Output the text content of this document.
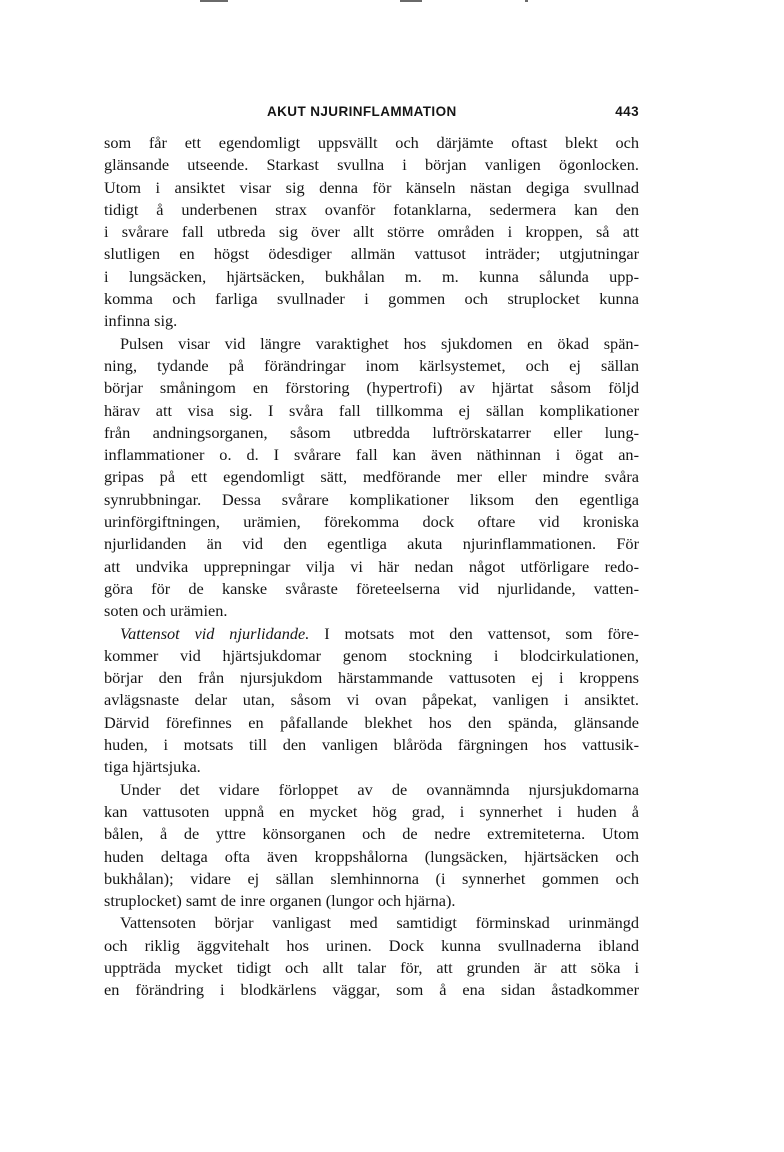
AKUT NJURINFLAMMATION	443

som får ett egendomligt uppsvällt och därjämte oftast blekt och

glänsande utseende. Starkast svullna i början vanligen ögonlocken.

Utom i ansiktet visar sig denna för känseln nästan degiga svullnad

tidigt å underbenen strax ovanför fotanklarna, sedermera kan den

i svårare fall utbreda sig över allt större områden i kroppen, så att

slutligen en högst ödesdiger allmän vattusot inträder; utgjutningar

i lungsäcken, hjärtsäcken, bukhålan m. m. kunna sålunda upp-

komma och farliga svullnader i gommen och struplocket kunna

infinna sig.

Pulsen visar vid längre varaktighet hos sjukdomen en ökad spän-

ning, tydande på förändringar inom kärlsystemet, och ej sällan

börjar småningom en förstoring (hypertrofi) av hjärtat såsom följd

härav att visa sig. I svåra fall tillkomma ej sällan komplikationer

från andningsorganen, såsom utbredda luftrörskatarrer eller lung-

inflammationer o. d. I svårare fall kan även näthinnan i ögat an-

gripas på ett egendomligt sätt, medförande mer eller mindre svåra

synrubbningar. Dessa svårare komplikationer liksom den egentliga

urinförgiftningen, urämien, förekomma dock oftare vid kroniska

njurlidanden än vid den egentliga akuta njurinflammationen. För

att undvika upprepningar vilja vi här nedan något utförligare redo-

göra för de kanske svåraste företeelserna vid njurlidande, vatten-

soten och urämien.

Vattensot vid njurlidande. I motsats mot den vattensot, som före-

kommer vid hjärtsjukdomar genom stockning i blodcirkulationen,

börjar den från njursjukdom härstammande vattusoten ej i kroppens

avlägsnaste delar utan, såsom vi ovan påpekat, vanligen i ansiktet.

Därvid förefinnes en påfallande blekhet hos den spända, glänsande

huden, i motsats till den vanligen blåröda färgningen hos vattusik-

tiga hjärtsjuka.

Under det vidare förloppet av de ovannämnda njursjukdomarna

kan vattusoten uppnå en mycket hög grad, i synnerhet i huden å

bålen, å de yttre könsorganen och de nedre extremiteterna. Utom

huden deltaga ofta även kroppshålorna (lungsäcken, hjärtsäcken och

bukhålan); vidare ej sällan slemhinnorna (i synnerhet gommen och

struplocket) samt de inre organen (lungor och hjärna).

Vattensoten börjar vanligast med samtidigt förminskad urinmängd

och riklig äggvitehalt hos urinen. Dock kunna svullnaderna ibland

uppträda mycket tidigt och allt talar för, att grunden är att söka i

en förändring i blodkärlens väggar, som å ena sidan åstadkommer
